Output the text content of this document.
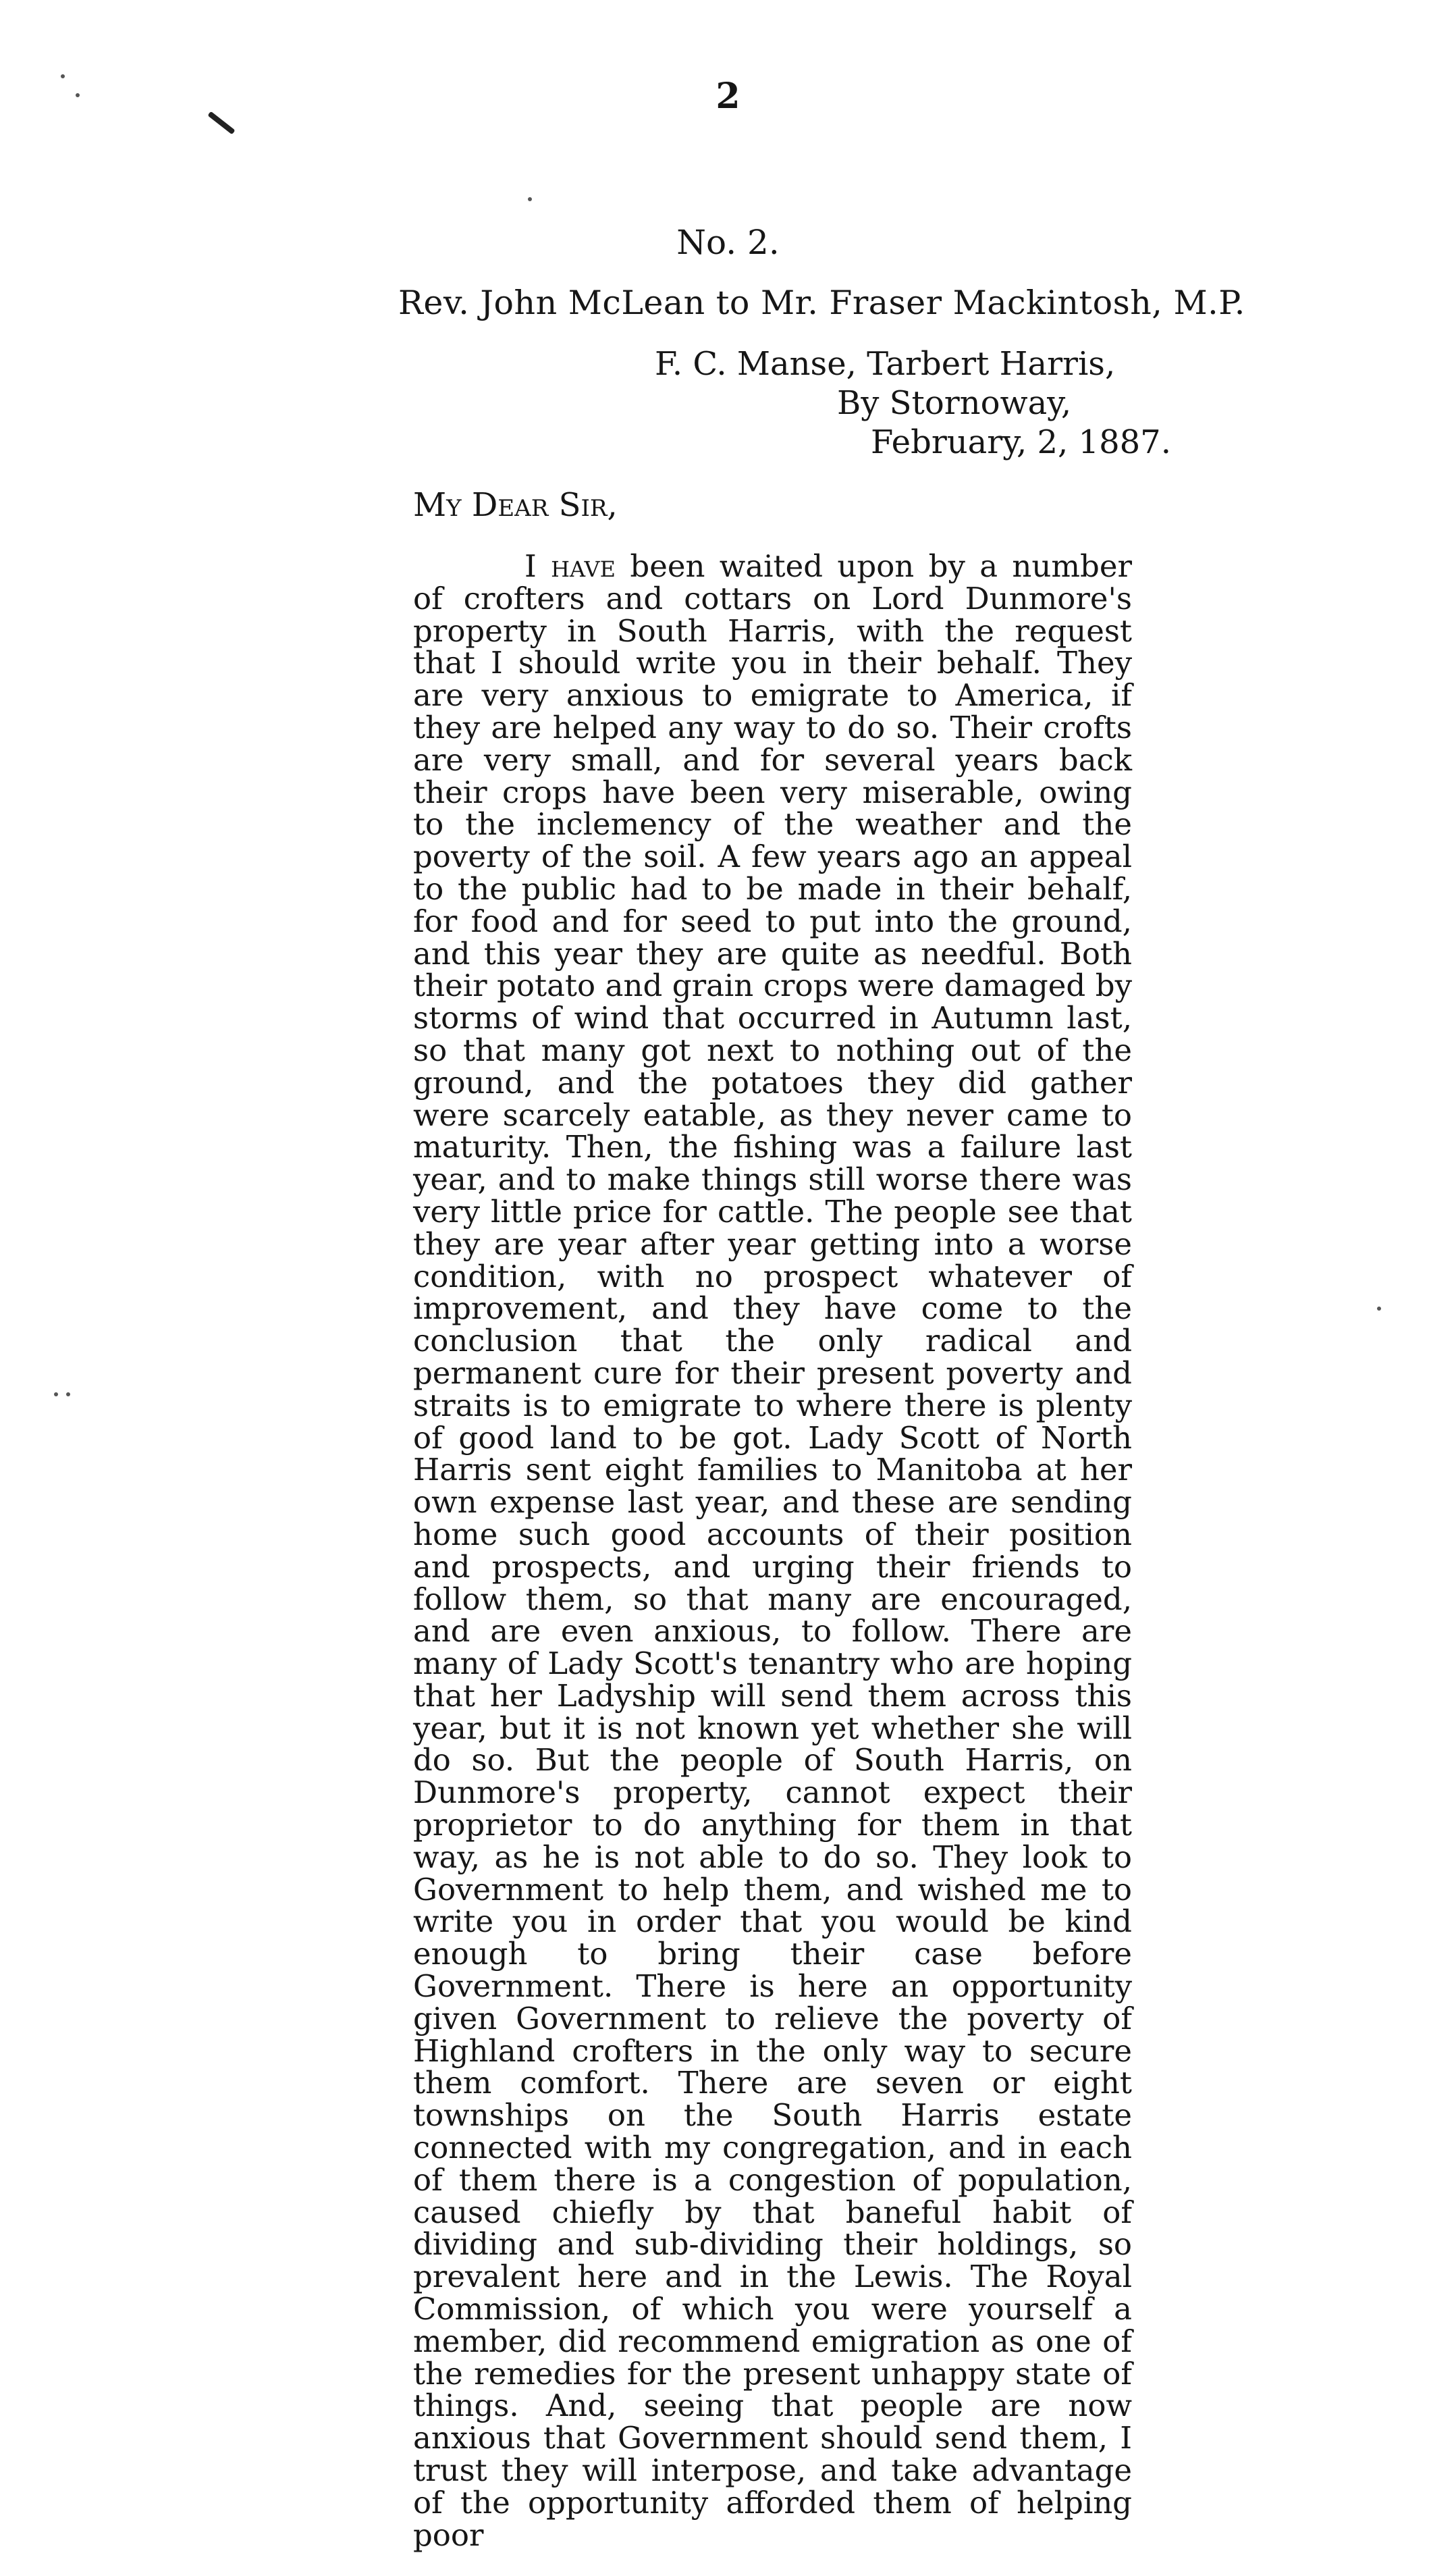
2
No. 2.
Rev. John McLean to Mr. Fraser Mackintosh, M.P.
F. C. Manse, Tarbert Harris,
By Stornoway,
February, 2, 1887.
My Dear Sir,

I have been waited upon by a number of crofters and cottars on Lord Dunmore's property in South Harris, with the request that I should write you in their behalf. They are very anxious to emigrate to America, if they are helped any way to do so. Their crofts are very small, and for several years back their crops have been very miserable, owing to the inclemency of the weather and the poverty of the soil. A few years ago an appeal to the public had to be made in their behalf, for food and for seed to put into the ground, and this year they are quite as needful. Both their potato and grain crops were damaged by storms of wind that occurred in Autumn last, so that many got next to nothing out of the ground, and the potatoes they did gather were scarcely eatable, as they never came to maturity. Then, the fishing was a failure last year, and to make things still worse there was very little price for cattle. The people see that they are year after year getting into a worse condition, with no prospect whatever of improvement, and they have come to the conclusion that the only radical and permanent cure for their present poverty and straits is to emigrate to where there is plenty of good land to be got. Lady Scott of North Harris sent eight families to Manitoba at her own expense last year, and these are sending home such good accounts of their position and prospects, and urging their friends to follow them, so that many are encouraged, and are even anxious, to follow. There are many of Lady Scott's tenantry who are hoping that her Ladyship will send them across this year, but it is not known yet whether she will do so. But the people of South Harris, on Dunmore's property, cannot expect their proprietor to do anything for them in that way, as he is not able to do so. They look to Government to help them, and wished me to write you in order that you would be kind enough to bring their case before Government. There is here an opportunity given Government to relieve the poverty of Highland crofters in the only way to secure them comfort. There are seven or eight townships on the South Harris estate connected with my congregation, and in each of them there is a congestion of population, caused chiefly by that baneful habit of dividing and sub-dividing their holdings, so prevalent here and in the Lewis. The Royal Commission, of which you were yourself a member, did recommend emigration as one of the remedies for the present unhappy state of things. And, seeing that people are now anxious that Government should send them, I trust they will interpose, and take advantage of the opportunity afforded them of helping poor
